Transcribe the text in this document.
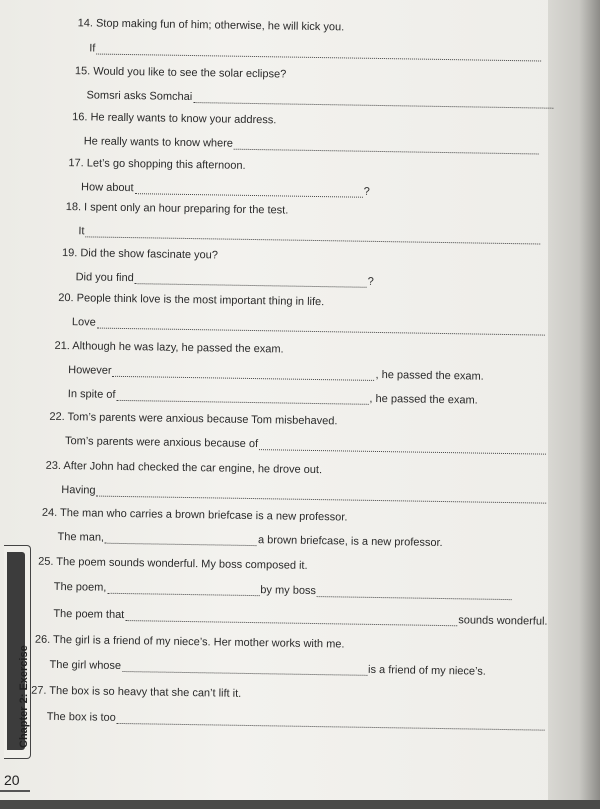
14. Stop making fun of him; otherwise, he will kick you.
If
15. Would you like to see the solar eclipse?
Somsri asks Somchai
16. He really wants to know your address.
He really wants to know where
17. Let’s go shopping this afternoon.
How about	?
18. I spent only an hour preparing for the test.
It
19. Did the show fascinate you?
Did you find	?
20. People think love is the most important thing in life.
Love
21. Although he was lazy, he passed the exam.
However	, he passed the exam.
In spite of	, he passed the exam.
22. Tom’s parents were anxious because Tom misbehaved.
Tom’s parents were anxious because of
23. After John had checked the car engine, he drove out.
Having
24. The man who carries a brown briefcase is a new professor.
The man,	a brown briefcase, is a new professor.
25. The poem sounds wonderful. My boss composed it.
The poem,	by my boss
The poem that	sounds wonderful.
26. The girl is a friend of my niece’s. Her mother works with me.
The girl whose	is a friend of my niece’s.
27. The box is so heavy that she can’t lift it.
The box is too
Chapter 2: Exercise
20
